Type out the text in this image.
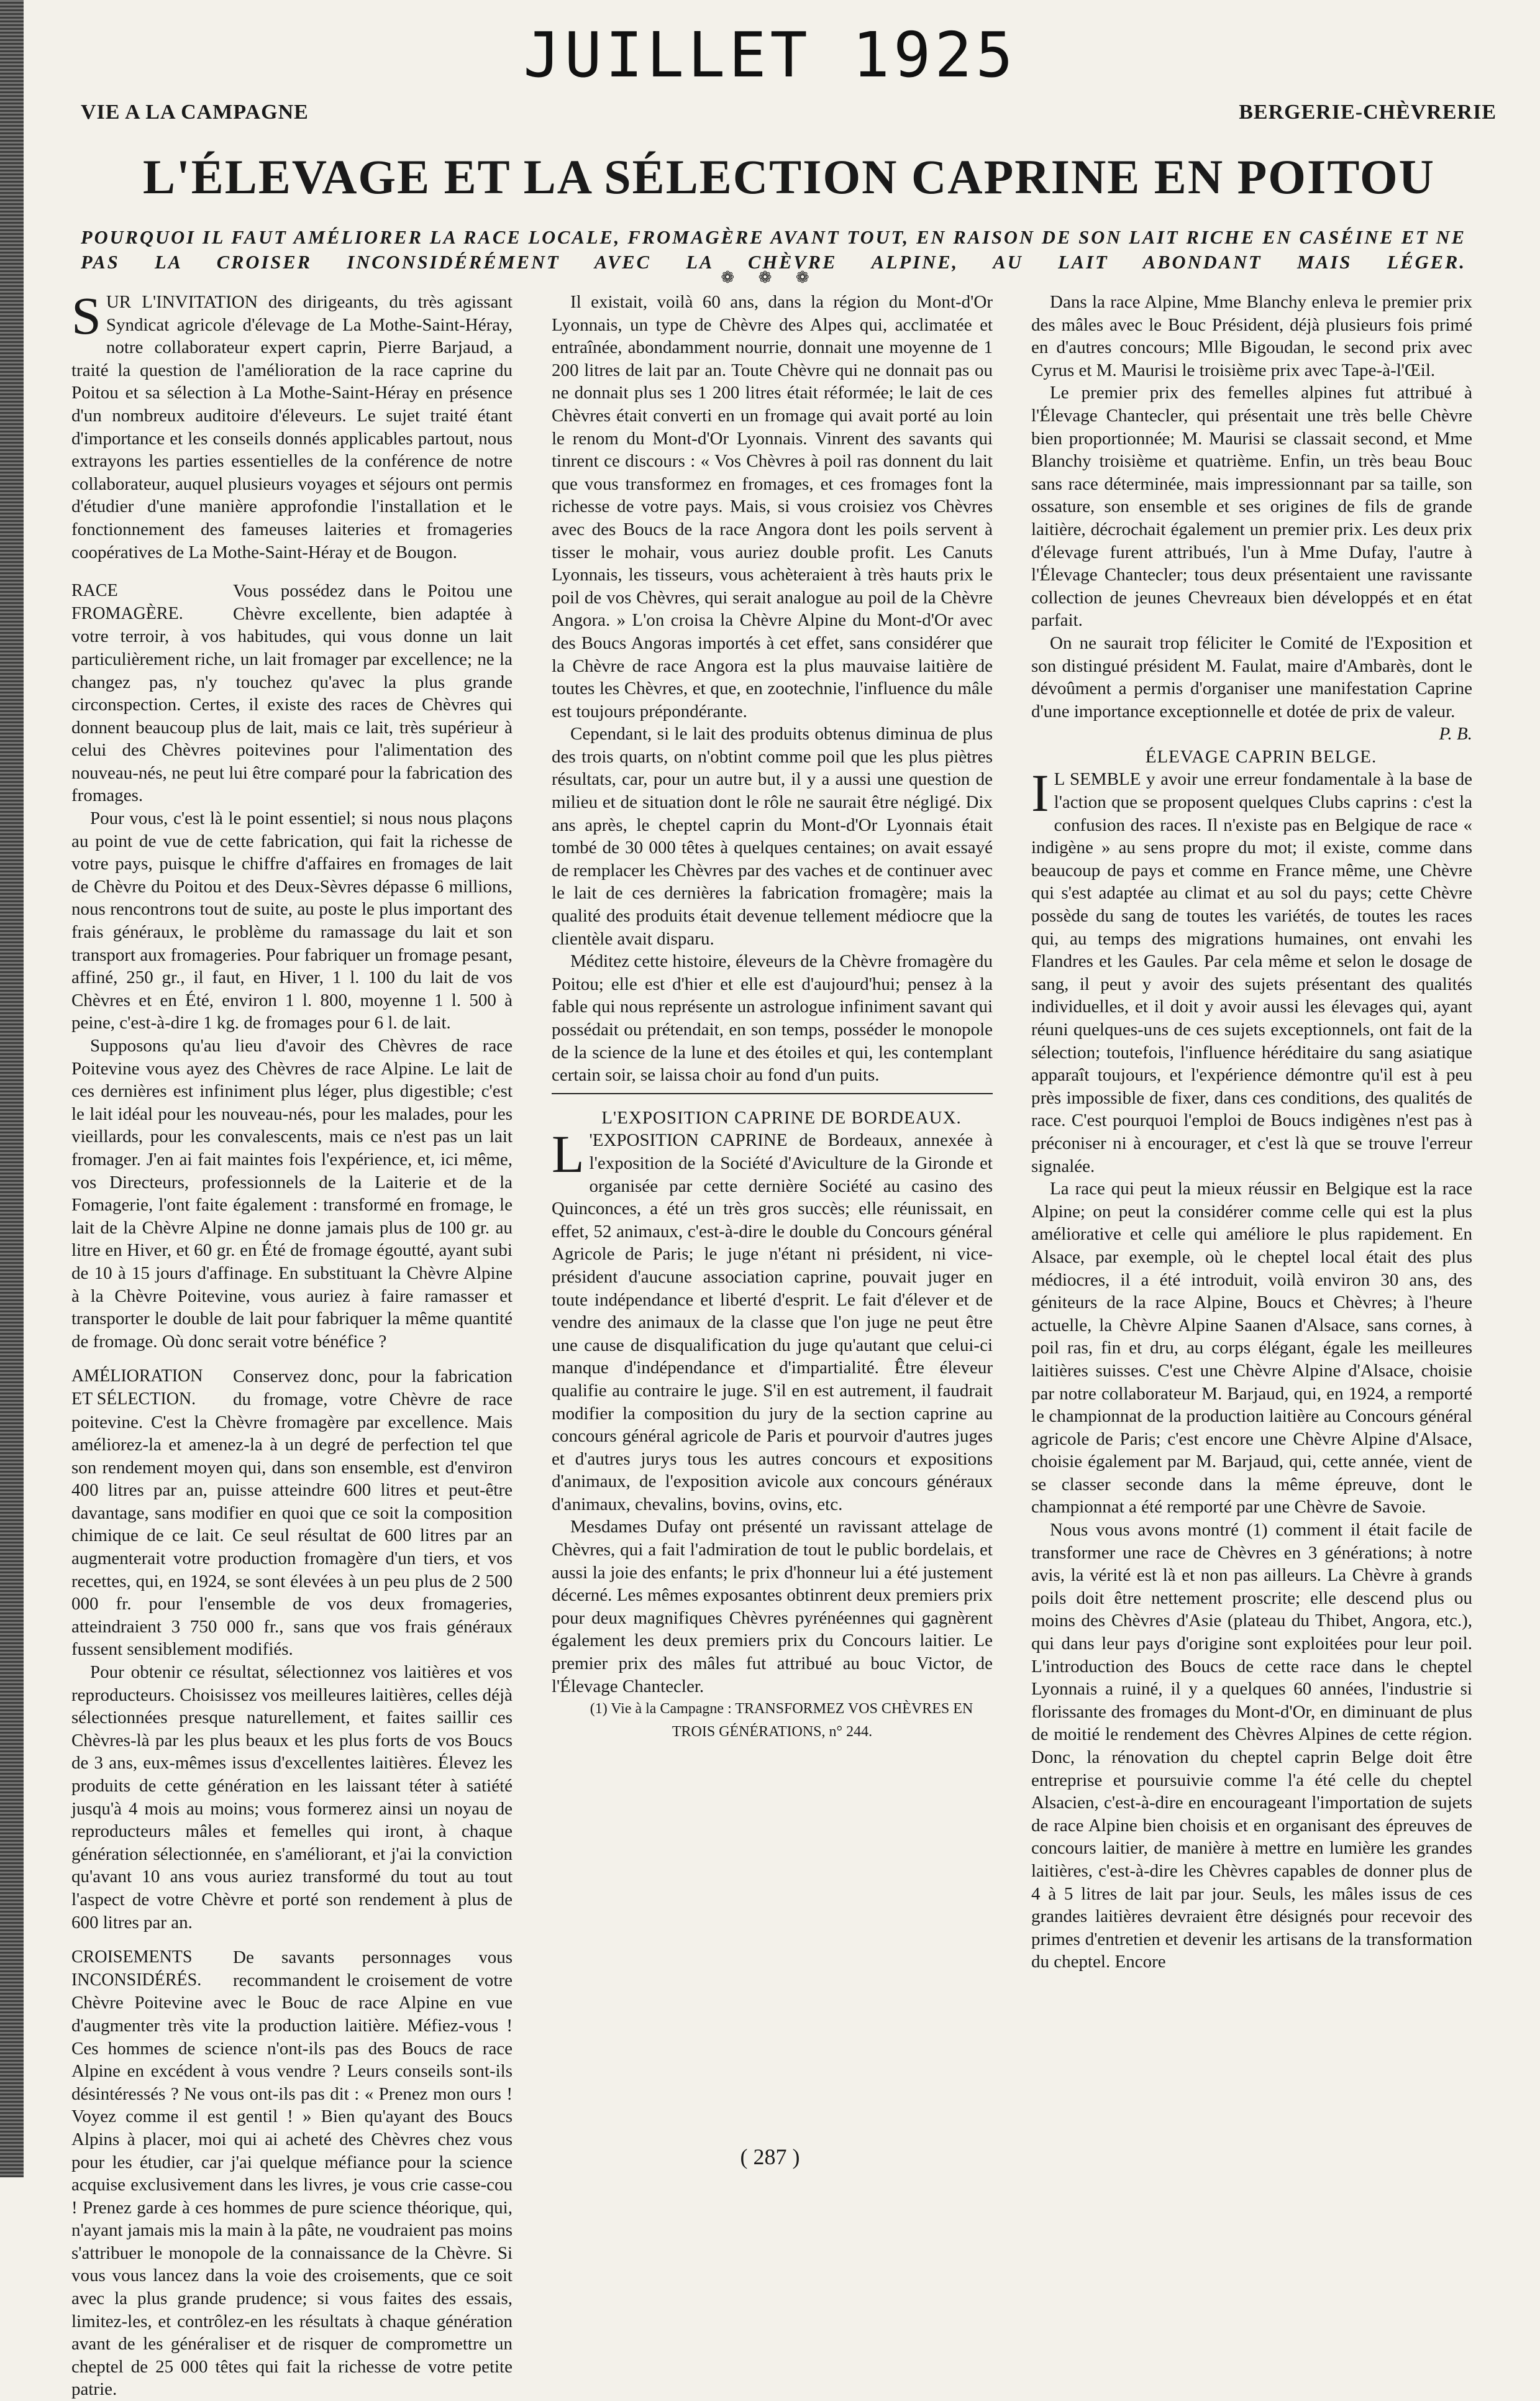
JUILLET 1925
VIE A LA CAMPAGNE	BERGERIE-CHÈVRERIE
L'ÉLEVAGE ET LA SÉLECTION CAPRINE EN POITOU
POURQUOI IL FAUT AMÉLIORER LA RACE LOCALE, FROMAGÈRE AVANT TOUT, EN RAISON DE SON LAIT RICHE EN CASÉINE ET NE PAS LA CROISER INCONSIDÉRÉMENT AVEC LA CHÈVRE ALPINE, AU LAIT ABONDANT MAIS LÉGER.
❁ ❁ ❁

SUR L'INVITATION des dirigeants, du très agissant Syndicat agricole d'élevage de La Mothe-Saint-Héray, notre collaborateur expert caprin, Pierre Barjaud, a traité la question de l'amélioration de la race caprine du Poitou et sa sélection à La Mothe-Saint-Héray en présence d'un nombreux auditoire d'éleveurs. Le sujet traité étant d'importance et les conseils donnés applicables partout, nous extrayons les parties essentielles de la conférence de notre collaborateur, auquel plusieurs voyages et séjours ont permis d'étudier d'une manière approfondie l'installation et le fonctionnement des fameuses laiteries et fromageries coopératives de La Mothe-Saint-Héray et de Bougon.

RACE FROMAGÈRE.
Vous possédez dans le Poitou une Chèvre excellente, bien adaptée à votre terroir, à vos habitudes, qui vous donne un lait particulièrement riche, un lait fromager par excellence; ne la changez pas, n'y touchez qu'avec la plus grande circonspection. Certes, il existe des races de Chèvres qui donnent beaucoup plus de lait, mais ce lait, très supérieur à celui des Chèvres poitevines pour l'alimentation des nouveau-nés, ne peut lui être comparé pour la fabrication des fromages.

Pour vous, c'est là le point essentiel; si nous nous plaçons au point de vue de cette fabrication, qui fait la richesse de votre pays, puisque le chiffre d'affaires en fromages de lait de Chèvre du Poitou et des Deux-Sèvres dépasse 6 millions, nous rencontrons tout de suite, au poste le plus important des frais généraux, le problème du ramassage du lait et son transport aux fromageries. Pour fabriquer un fromage pesant, affiné, 250 gr., il faut, en Hiver, 1 l. 100 du lait de vos Chèvres et en Été, environ 1 l. 800, moyenne 1 l. 500 à peine, c'est-à-dire 1 kg. de fromages pour 6 l. de lait.

Supposons qu'au lieu d'avoir des Chèvres de race Poitevine vous ayez des Chèvres de race Alpine. Le lait de ces dernières est infiniment plus léger, plus digestible; c'est le lait idéal pour les nouveau-nés, pour les malades, pour les vieillards, pour les convalescents, mais ce n'est pas un lait fromager. J'en ai fait maintes fois l'expérience, et, ici même, vos Directeurs, professionnels de la Laiterie et de la Fomagerie, l'ont faite également : transformé en fromage, le lait de la Chèvre Alpine ne donne jamais plus de 100 gr. au litre en Hiver, et 60 gr. en Été de fromage égoutté, ayant subi de 10 à 15 jours d'affinage. En substituant la Chèvre Alpine à la Chèvre Poitevine, vous auriez à faire ramasser et transporter le double de lait pour fabriquer la même quantité de fromage. Où donc serait votre bénéfice ?

AMÉLIORATION ET SÉLECTION.
Conservez donc, pour la fabrication du fromage, votre Chèvre de race poitevine. C'est la Chèvre fromagère par excellence. Mais améliorez-la et amenez-la à un degré de perfection tel que son rendement moyen qui, dans son ensemble, est d'environ 400 litres par an, puisse atteindre 600 litres et peut-être davantage, sans modifier en quoi que ce soit la composition chimique de ce lait. Ce seul résultat de 600 litres par an augmenterait votre production fromagère d'un tiers, et vos recettes, qui, en 1924, se sont élevées à un peu plus de 2 500 000 fr. pour l'ensemble de vos deux fromageries, atteindraient 3 750 000 fr., sans que vos frais généraux fussent sensiblement modifiés.

Pour obtenir ce résultat, sélectionnez vos laitières et vos reproducteurs. Choisissez vos meilleures laitières, celles déjà sélectionnées presque naturellement, et faites saillir ces Chèvres-là par les plus beaux et les plus forts de vos Boucs de 3 ans, eux-mêmes issus d'excellentes laitières. Élevez les produits de cette génération en les laissant téter à satiété jusqu'à 4 mois au moins; vous formerez ainsi un noyau de reproducteurs mâles et femelles qui iront, à chaque génération sélectionnée, en s'améliorant, et j'ai la conviction qu'avant 10 ans vous auriez transformé du tout au tout l'aspect de votre Chèvre et porté son rendement à plus de 600 litres par an.

CROISEMENTS INCONSIDÉRÉS.
De savants personnages vous recommandent le croisement de votre Chèvre Poitevine avec le Bouc de race Alpine en vue d'augmenter très vite la production laitière. Méfiez-vous ! Ces hommes de science n'ont-ils pas des Boucs de race Alpine en excédent à vous vendre ? Leurs conseils sont-ils désintéressés ? Ne vous ont-ils pas dit : « Prenez mon ours ! Voyez comme il est gentil ! » Bien qu'ayant des Boucs Alpins à placer, moi qui ai acheté des Chèvres chez vous pour les étudier, car j'ai quelque méfiance pour la science acquise exclusivement dans les livres, je vous crie casse-cou ! Prenez garde à ces hommes de pure science théorique, qui, n'ayant jamais mis la main à la pâte, ne voudraient pas moins s'attribuer le monopole de la connaissance de la Chèvre. Si vous vous lancez dans la voie des croisements, que ce soit avec la plus grande prudence; si vous faites des essais, limitez-les, et contrôlez-en les résultats à chaque génération avant de les généraliser et de risquer de compromettre un cheptel de 25 000 têtes qui fait la richesse de votre petite patrie.

Il existait, voilà 60 ans, dans la région du Mont-d'Or Lyonnais, un type de Chèvre des Alpes qui, acclimatée et entraînée, abondamment nourrie, donnait une moyenne de 1 200 litres de lait par an. Toute Chèvre qui ne donnait pas ou ne donnait plus ses 1 200 litres était réformée; le lait de ces Chèvres était converti en un fromage qui avait porté au loin le renom du Mont-d'Or Lyonnais. Vinrent des savants qui tinrent ce discours : « Vos Chèvres à poil ras donnent du lait que vous transformez en fromages, et ces fromages font la richesse de votre pays. Mais, si vous croisiez vos Chèvres avec des Boucs de la race Angora dont les poils servent à tisser le mohair, vous auriez double profit. Les Canuts Lyonnais, les tisseurs, vous achèteraient à très hauts prix le poil de vos Chèvres, qui serait analogue au poil de la Chèvre Angora. » L'on croisa la Chèvre Alpine du Mont-d'Or avec des Boucs Angoras importés à cet effet, sans considérer que la Chèvre de race Angora est la plus mauvaise laitière de toutes les Chèvres, et que, en zootechnie, l'influence du mâle est toujours prépondérante.

Cependant, si le lait des produits obtenus diminua de plus des trois quarts, on n'obtint comme poil que les plus piètres résultats, car, pour un autre but, il y a aussi une question de milieu et de situation dont le rôle ne saurait être négligé. Dix ans après, le cheptel caprin du Mont-d'Or Lyonnais était tombé de 30 000 têtes à quelques centaines; on avait essayé de remplacer les Chèvres par des vaches et de continuer avec le lait de ces dernières la fabrication fromagère; mais la qualité des produits était devenue tellement médiocre que la clientèle avait disparu.

Méditez cette histoire, éleveurs de la Chèvre fromagère du Poitou; elle est d'hier et elle est d'aujourd'hui; pensez à la fable qui nous représente un astrologue infiniment savant qui possédait ou prétendait, en son temps, posséder le monopole de la science de la lune et des étoiles et qui, les contemplant certain soir, se laissa choir au fond d'un puits.

L'EXPOSITION CAPRINE DE BORDEAUX.

L 'EXPOSITION CAPRINE de Bordeaux, annexée à l'exposition de la Société d'Aviculture de la Gironde et organisée par cette dernière Société au casino des Quinconces, a été un très gros succès; elle réunissait, en effet, 52 animaux, c'est-à-dire le double du Concours général Agricole de Paris; le juge n'étant ni président, ni vice-président d'aucune association caprine, pouvait juger en toute indépendance et liberté d'esprit. Le fait d'élever et de vendre des animaux de la classe que l'on juge ne peut être une cause de disqualification du juge qu'autant que celui-ci manque d'indépendance et d'impartialité. Être éleveur qualifie au contraire le juge. S'il en est autrement, il faudrait modifier la composition du jury de la section caprine au concours général agricole de Paris et pourvoir d'autres juges et d'autres jurys tous les autres concours et expositions d'animaux, de l'exposition avicole aux concours généraux d'animaux, chevalins, bovins, ovins, etc.

Mesdames Dufay ont présenté un ravissant attelage de Chèvres, qui a fait l'admiration de tout le public bordelais, et aussi la joie des enfants; le prix d'honneur lui a été justement décerné. Les mêmes exposantes obtinrent deux premiers prix pour deux magnifiques Chèvres pyrénéennes qui gagnèrent également les deux premiers prix du Concours laitier. Le premier prix des mâles fut attribué au bouc Victor, de l'Élevage Chantecler.

(1) Vie à la Campagne : TRANSFORMEZ VOS CHÈVRES EN TROIS GÉNÉRATIONS, n° 244.

Dans la race Alpine, Mme Blanchy enleva le premier prix des mâles avec le Bouc Président, déjà plusieurs fois primé en d'autres concours; Mlle Bigoudan, le second prix avec Cyrus et M. Maurisi le troisième prix avec Tape-à-l'Œil.

Le premier prix des femelles alpines fut attribué à l'Élevage Chantecler, qui présentait une très belle Chèvre bien proportionnée; M. Maurisi se classait second, et Mme Blanchy troisième et quatrième. Enfin, un très beau Bouc sans race déterminée, mais impressionnant par sa taille, son ossature, son ensemble et ses origines de fils de grande laitière, décrochait également un premier prix. Les deux prix d'élevage furent attribués, l'un à Mme Dufay, l'autre à l'Élevage Chantecler; tous deux présentaient une ravissante collection de jeunes Chevreaux bien développés et en état parfait.

On ne saurait trop féliciter le Comité de l'Exposition et son distingué président M. Faulat, maire d'Ambarès, dont le dévoûment a permis d'organiser une manifestation Caprine d'une importance exceptionnelle et dotée de prix de valeur.

P. B.

ÉLEVAGE CAPRIN BELGE.

I L SEMBLE y avoir une erreur fondamentale à la base de l'action que se proposent quelques Clubs caprins : c'est la confusion des races. Il n'existe pas en Belgique de race « indigène » au sens propre du mot; il existe, comme dans beaucoup de pays et comme en France même, une Chèvre qui s'est adaptée au climat et au sol du pays; cette Chèvre possède du sang de toutes les variétés, de toutes les races qui, au temps des migrations humaines, ont envahi les Flandres et les Gaules. Par cela même et selon le dosage de sang, il peut y avoir des sujets présentant des qualités individuelles, et il doit y avoir aussi les élevages qui, ayant réuni quelques-uns de ces sujets exceptionnels, ont fait de la sélection; toutefois, l'influence héréditaire du sang asiatique apparaît toujours, et l'expérience démontre qu'il est à peu près impossible de fixer, dans ces conditions, des qualités de race. C'est pourquoi l'emploi de Boucs indigènes n'est pas à préconiser ni à encourager, et c'est là que se trouve l'erreur signalée.

La race qui peut la mieux réussir en Belgique est la race Alpine; on peut la considérer comme celle qui est la plus améliorative et celle qui améliore le plus rapidement. En Alsace, par exemple, où le cheptel local était des plus médiocres, il a été introduit, voilà environ 30 ans, des géniteurs de la race Alpine, Boucs et Chèvres; à l'heure actuelle, la Chèvre Alpine Saanen d'Alsace, sans cornes, à poil ras, fin et dru, au corps élégant, égale les meilleures laitières suisses. C'est une Chèvre Alpine d'Alsace, choisie par notre collaborateur M. Barjaud, qui, en 1924, a remporté le championnat de la production laitière au Concours général agricole de Paris; c'est encore une Chèvre Alpine d'Alsace, choisie également par M. Barjaud, qui, cette année, vient de se classer seconde dans la même épreuve, dont le championnat a été remporté par une Chèvre de Savoie.

Nous vous avons montré (1) comment il était facile de transformer une race de Chèvres en 3 générations; à notre avis, la vérité est là et non pas ailleurs. La Chèvre à grands poils doit être nettement proscrite; elle descend plus ou moins des Chèvres d'Asie (plateau du Thibet, Angora, etc.), qui dans leur pays d'origine sont exploitées pour leur poil. L'introduction des Boucs de cette race dans le cheptel Lyonnais a ruiné, il y a quelques 60 années, l'industrie si florissante des fromages du Mont-d'Or, en diminuant de plus de moitié le rendement des Chèvres Alpines de cette région. Donc, la rénovation du cheptel caprin Belge doit être entreprise et poursuivie comme l'a été celle du cheptel Alsacien, c'est-à-dire en encourageant l'importation de sujets de race Alpine bien choisis et en organisant des épreuves de concours laitier, de manière à mettre en lumière les grandes laitières, c'est-à-dire les Chèvres capables de donner plus de 4 à 5 litres de lait par jour. Seuls, les mâles issus de ces grandes laitières devraient être désignés pour recevoir des primes d'entretien et devenir les artisans de la transformation du cheptel. Encore

( 287 )
